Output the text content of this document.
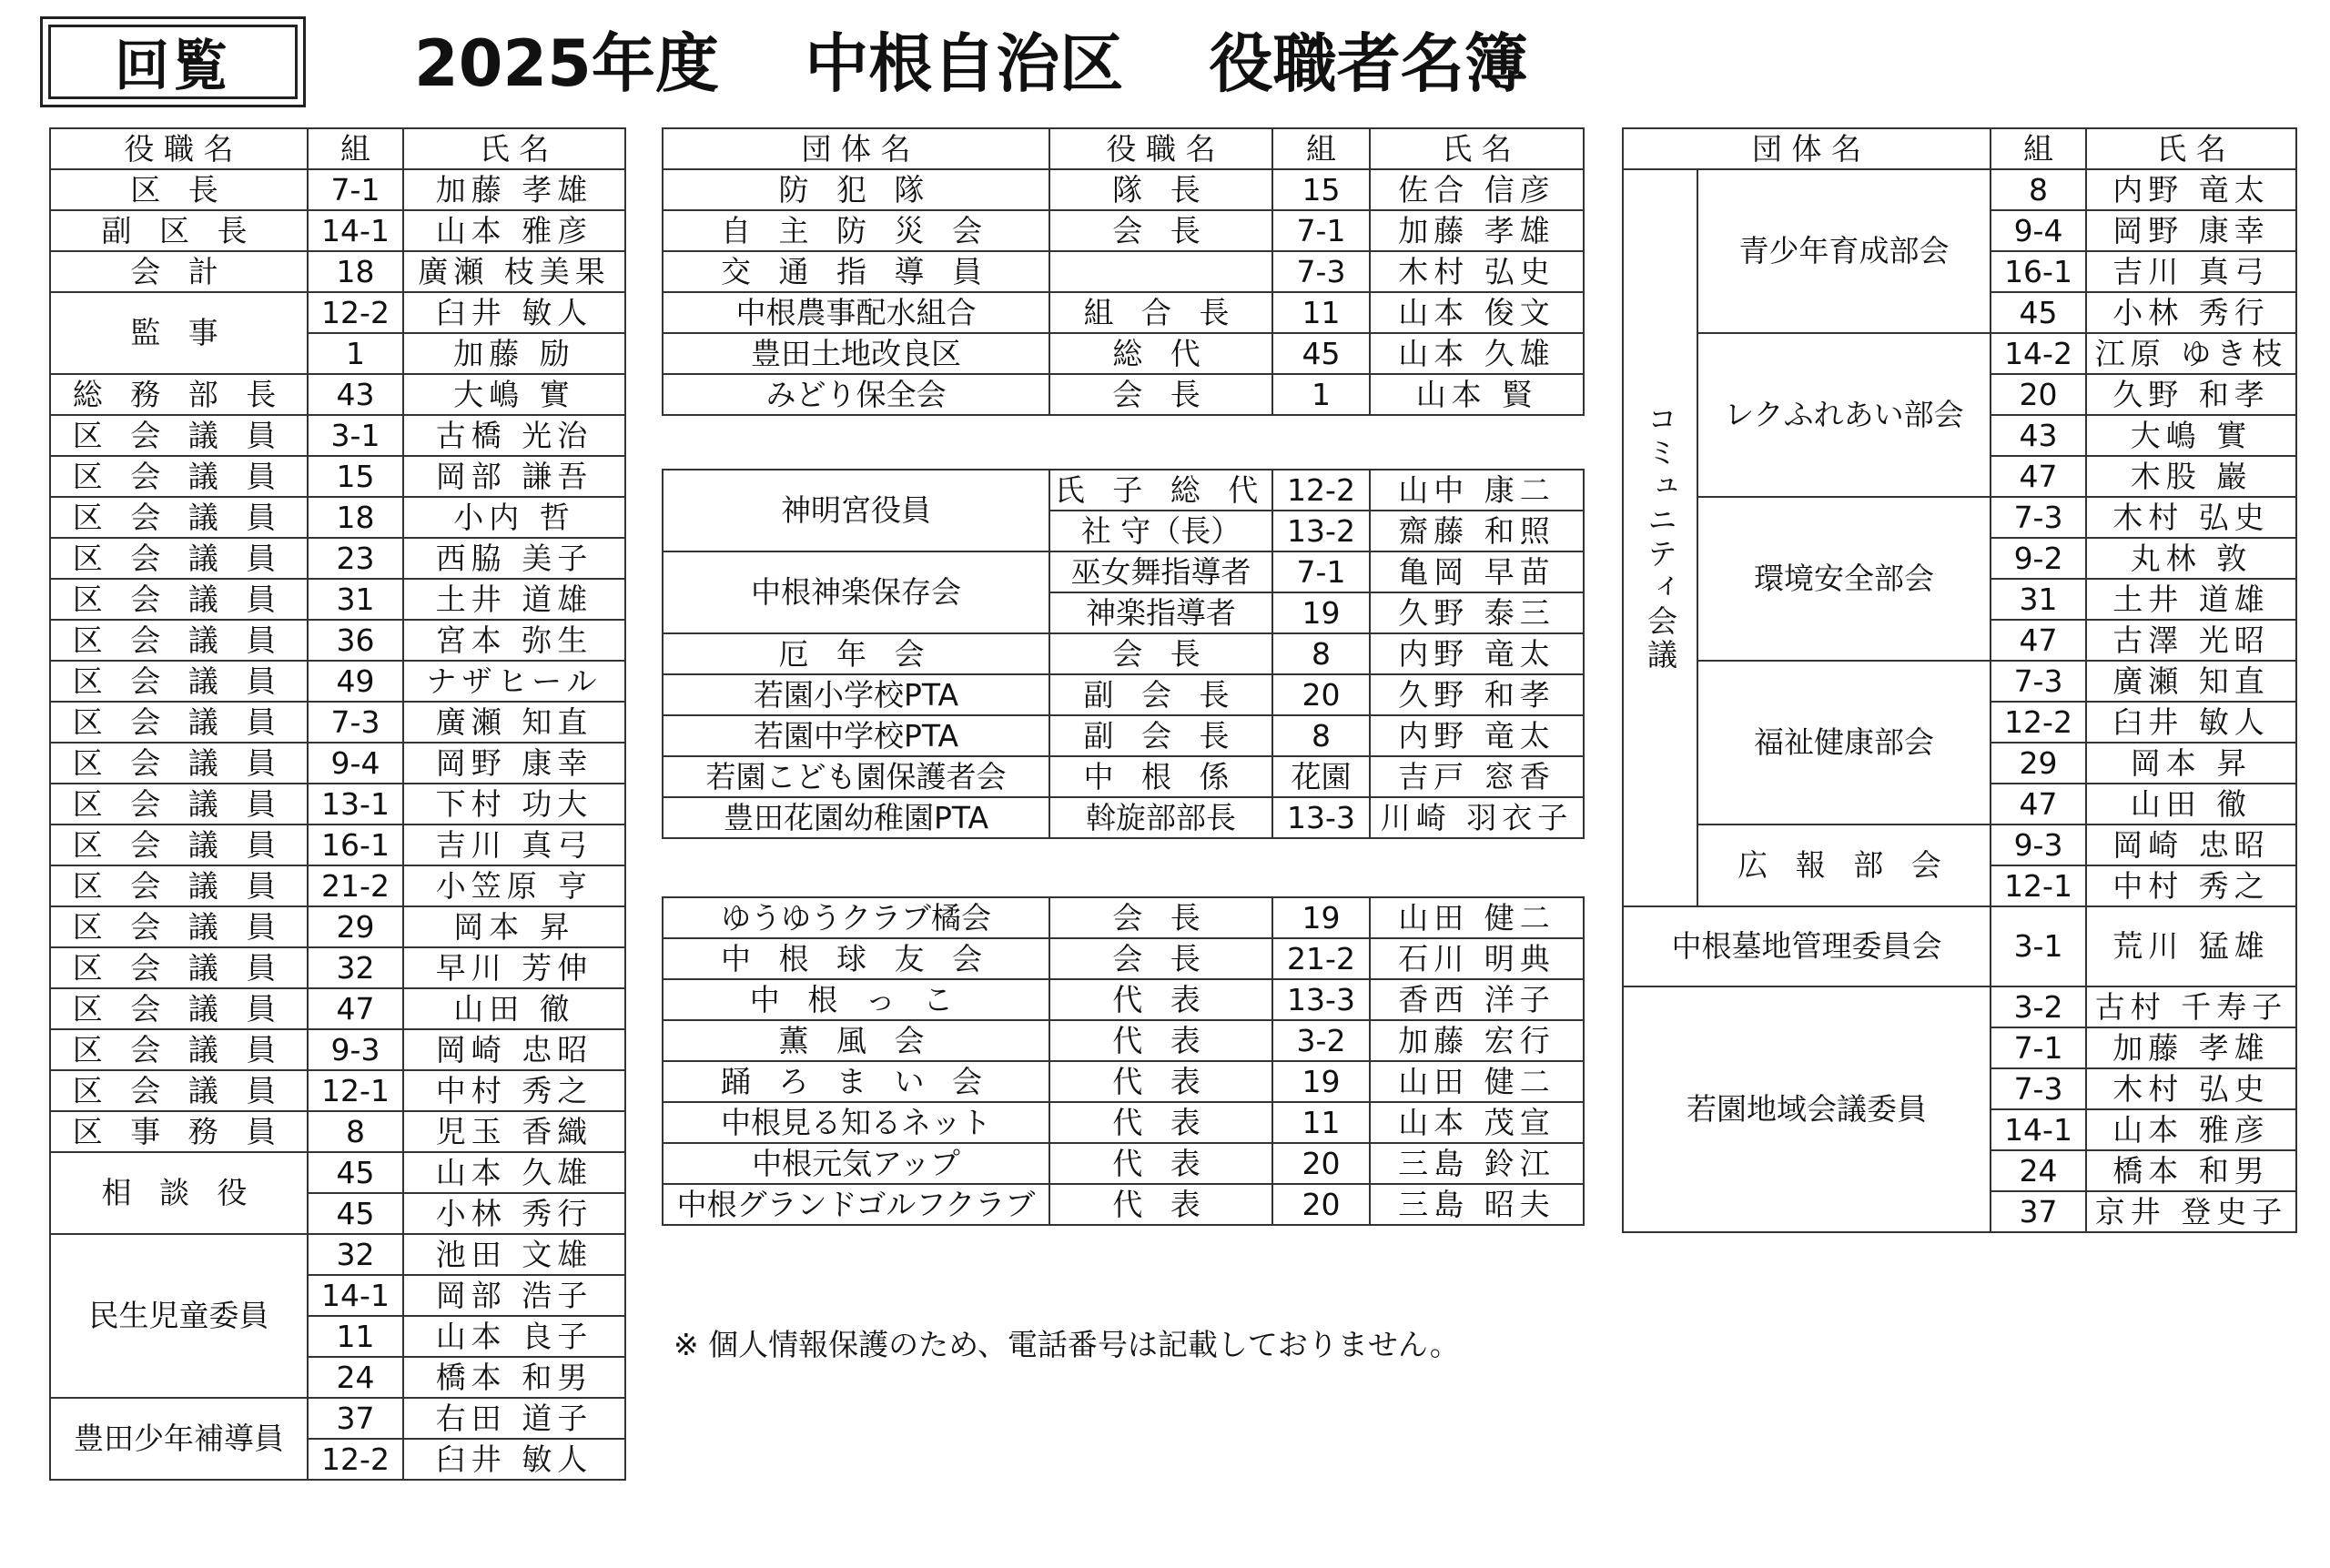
回覧	2025年度　 中根自治区　 役職者名簿
役 職 名	組	氏 名
区 長	7-1	加藤 孝雄
副 区 長	14-1	山本 雅彦
会 計	18	廣瀬 枝美果
監 事	12-2	臼井 敏人
	1	加藤 励
総 務 部 長	43	大嶋 實
区 会 議 員	3-1	古橋 光治
区 会 議 員	15	岡部 謙吾
区 会 議 員	18	小内 哲
区 会 議 員	23	西脇 美子
区 会 議 員	31	土井 道雄
区 会 議 員	36	宮本 弥生
区 会 議 員	49	ナザヒール
区 会 議 員	7-3	廣瀬 知直
区 会 議 員	9-4	岡野 康幸
区 会 議 員	13-1	下村 功大
区 会 議 員	16-1	吉川 真弓
区 会 議 員	21-2	小笠原 亨
区 会 議 員	29	岡本 昇
区 会 議 員	32	早川 芳伸
区 会 議 員	47	山田 徹
区 会 議 員	9-3	岡崎 忠昭
区 会 議 員	12-1	中村 秀之
区 事 務 員	8	児玉 香織
相 談 役	45	山本 久雄
	45	小林 秀行
民生児童委員	32	池田 文雄
	14-1	岡部 浩子
	11	山本 良子
	24	橋本 和男
豊田少年補導員	37	右田 道子
	12-2	臼井 敏人
団 体 名	役 職 名	組	氏 名
防 犯 隊	隊 長	15	佐合 信彦
自 主 防 災 会	会 長	7-1	加藤 孝雄
交 通 指 導 員		7-3	木村 弘史
中根農事配水組合	組 合 長	11	山本 俊文
豊田土地改良区	総 代	45	山本 久雄
みどり保全会	会 長	1	山本 賢
神明宮役員	氏 子 総 代	12-2	山中 康二
	社 守（長）	13-2	齋藤 和照
中根神楽保存会	巫女舞指導者	7-1	亀岡 早苗
	神楽指導者	19	久野 泰三
厄 年 会	会 長	8	内野 竜太
若園小学校PTA	副 会 長	20	久野 和孝
若園中学校PTA	副 会 長	8	内野 竜太
若園こども園保護者会	中 根 係	花園	吉戸 窓香
豊田花園幼稚園PTA	斡旋部部長	13-3	川崎 羽衣子
ゆうゆうクラブ橘会	会 長	19	山田 健二
中 根 球 友 会	会 長	21-2	石川 明典
中 根 っ こ	代 表	13-3	香西 洋子
薫 風 会	代 表	3-2	加藤 宏行
踊 ろ ま い 会	代 表	19	山田 健二
中根見る知るネット	代 表	11	山本 茂宣
中根元気アップ	代 表	20	三島 鈴江
中根グランドゴルフクラブ	代 表	20	三島 昭夫
団 体 名		組	氏 名
コミュニティ会議	青少年育成部会	8	内野 竜太
		9-4	岡野 康幸
		16-1	吉川 真弓
		45	小林 秀行
	レクふれあい部会	14-2	江原 ゆき枝
		20	久野 和孝
		43	大嶋 實
		47	木股 巖
	環境安全部会	7-3	木村 弘史
		9-2	丸林 敦
		31	土井 道雄
		47	古澤 光昭
	福祉健康部会	7-3	廣瀬 知直
		12-2	臼井 敏人
		29	岡本 昇
		47	山田 徹
	広 報 部 会	9-3	岡崎 忠昭
		12-1	中村 秀之
中根墓地管理委員会		3-1	荒川 猛雄
若園地域会議委員		3-2	古村 千寿子
		7-1	加藤 孝雄
		7-3	木村 弘史
		14-1	山本 雅彦
		24	橋本 和男
		37	京井 登史子
※ 個人情報保護のため、電話番号は記載しておりません。
